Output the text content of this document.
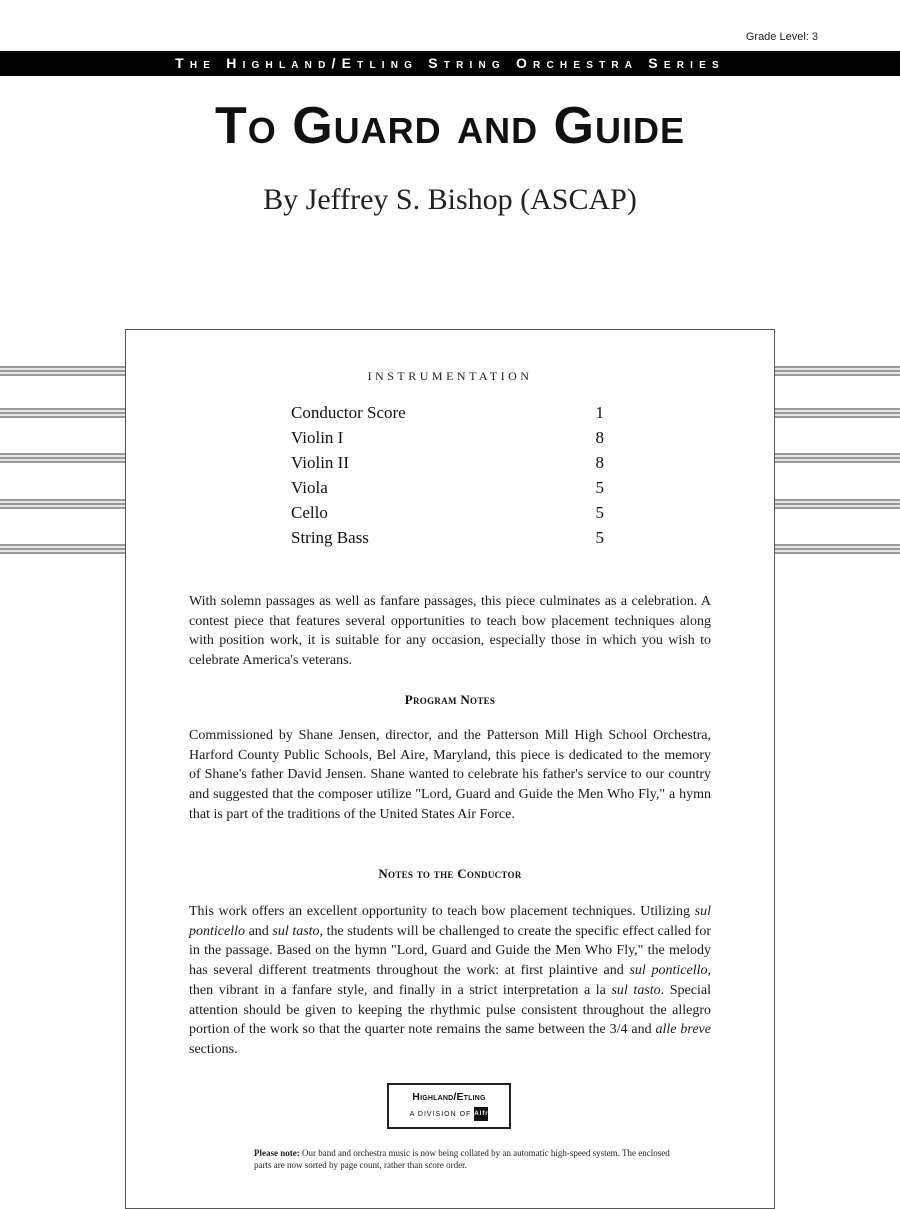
Grade Level: 3
The Highland/Etling String Orchestra Series
To Guard and Guide
By Jeffrey S. Bishop (ASCAP)
INSTRUMENTATION
Conductor Score	1
Violin I	8
Violin II	8
Viola	5
Cello	5
String Bass	5
With solemn passages as well as fanfare passages, this piece culminates as a celebration. A contest piece that features several opportunities to teach bow placement techniques along with position work, it is suitable for any occasion, especially those in which you wish to celebrate America's veterans.
Program Notes
Commissioned by Shane Jensen, director, and the Patterson Mill High School Orchestra, Harford County Public Schools, Bel Aire, Maryland, this piece is dedicated to the memory of Shane's father David Jensen. Shane wanted to celebrate his father's service to our country and suggested that the composer utilize "Lord, Guard and Guide the Men Who Fly," a hymn that is part of the traditions of the United States Air Force.
Notes to the Conductor
This work offers an excellent opportunity to teach bow placement techniques. Utilizing sul ponticello and sul tasto, the students will be challenged to create the specific effect called for in the passage. Based on the hymn "Lord, Guard and Guide the Men Who Fly," the melody has several different treatments throughout the work: at first plaintive and sul ponticello, then vibrant in a fanfare style, and finally in a strict interpretation a la sul tasto. Special attention should be given to keeping the rhythmic pulse consistent throughout the allegro portion of the work so that the quarter note remains the same between the 3/4 and alle breve sections.
Highland/Etling
A DIVISION OF Alfred
Please note: Our band and orchestra music is now being collated by an automatic high-speed system. The enclosed parts are now sorted by page count, rather than score order.
